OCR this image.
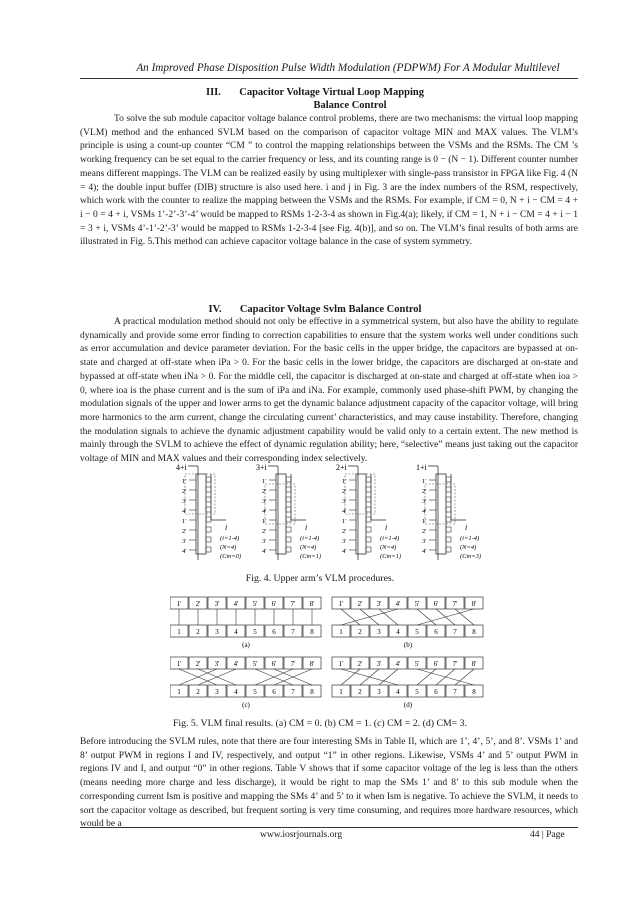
An Improved Phase Disposition Pulse Width Modulation (PDPWM) For A Modular Multilevel
III. Capacitor Voltage Virtual Loop Mapping
Balance Control
To solve the sub module capacitor voltage balance control problems, there are two mechanisms: the virtual loop mapping (VLM) method and the enhanced SVLM based on the comparison of capacitor voltage MIN and MAX values. The VLM’s principle is using a count-up counter “CM ” to control the mapping relationships between the VSMs and the RSMs. The CM ’s working frequency can be set equal to the carrier frequency or less, and its counting range is 0 − (N − 1). Different counter number means different mappings. The VLM can be realized easily by using multiplexer with single-pass transistor in FPGA like Fig. 4 (N = 4); the double input buffer (DIB) structure is also used here. i and j in Fig. 3 are the index numbers of the RSM, respectively, which work with the counter to realize the mapping between the VSMs and the RSMs. For example, if CM = 0, N + i − CM = 4 + i − 0 = 4 + i, VSMs 1’-2’-3’-4’ would be mapped to RSMs 1-2-3-4 as shown in Fig.4(a); likely, if CM = 1, N + i − CM = 4 + i − 1 = 3 + i, VSMs 4’-1’-2’-3’ would be mapped to RSMs 1-2-3-4 [see Fig. 4(b)], and so on. The VLM’s final results of both arms are illustrated in Fig. 5.This method can achieve capacitor voltage balance in the case of system symmetry.
IV. Capacitor Voltage Svlm Balance Control
A practical modulation method should not only be effective in a symmetrical system, but also have the ability to regulate dynamically and provide some error finding to correction capabilities to ensure that the system works well under conditions such as error accumulation and device parameter deviation. For the basic cells in the upper bridge, the capacitors are bypassed at on-state and charged at off-state when iPa > 0. For the basic cells in the lower bridge, the capacitors are discharged at on-state and bypassed at off-state when iNa > 0. For the middle cell, the capacitor is discharged at on-state and charged at off-state when ioa > 0, where ioa is the phase current and is the sum of iPa and iNa. For example, commonly used phase-shift PWM, by changing the modulation signals of the upper and lower arms to get the dynamic balance adjustment capacity of the capacitor voltage, will bring more harmonics to the arm current, change the circulating current’ characteristics, and may cause instability. Therefore, changing the modulation signals to achieve the dynamic adjustment capability would be valid only to a certain extent. The new method is mainly through the SVLM to achieve the effect of dynamic regulation ability; here, “selective” means just taking out the capacitor voltage of MIN and MAX values and their corresponding index selectively.
4+i
1'
2'
3'
4'
1'
2'
3'
4'
i
(i=1-4)
(N=4)
(Cm=0)
3+i
1'
2'
3'
4'
1'
2'
3'
4'
i
(i=1-4)
(N=4)
(Cm=1)
2+i
1'
2'
3'
4'
1'
2'
3'
4'
i
(i=1-4)
(N=4)
(Cm=1)
1+i
1'
2'
3'
4'
1'
2'
3'
4'
i
(i=1-4)
(N=4)
(Cm=3)
Fig. 4. Upper arm’s VLM procedures.
1' 2' 3' 4' 5' 6' 7' 8'
1 2 3 4 5 6 7 8
(a)
1' 2' 3' 4' 5' 6' 7' 8'
1 2 3 4 5 6 7 8
(b)
1' 2' 3' 4' 5' 6' 7' 8'
1 2 3 4 5 6 7 8
(c)
1' 2' 3' 4' 5' 6' 7' 8'
1 2 3 4 5 6 7 8
(d)
Fig. 5. VLM final results. (a) CM = 0. (b) CM = 1. (c) CM = 2. (d) CM= 3.
Before introducing the SVLM rules, note that there are four interesting SMs in Table II, which are 1’, 4’, 5’, and 8’. VSMs 1’ and 8’ output PWM in regions I and IV, respectively, and output “1” in other regions. Likewise, VSMs 4’ and 5’ output PWM in regions IV and I, and output “0” in other regions. Table V shows that if some capacitor voltage of the leg is less than the others (means needing more charge and less discharge), it would be right to map the SMs 1’ and 8’ to this sub module when the corresponding current Ism is positive and mapping the SMs 4’ and 5’ to it when Ism is negative. To achieve the SVLM, it needs to sort the capacitor voltage as described, but frequent sorting is very time consuming, and requires more hardware resources, which would be a
www.iosrjournals.org	44 | Page
